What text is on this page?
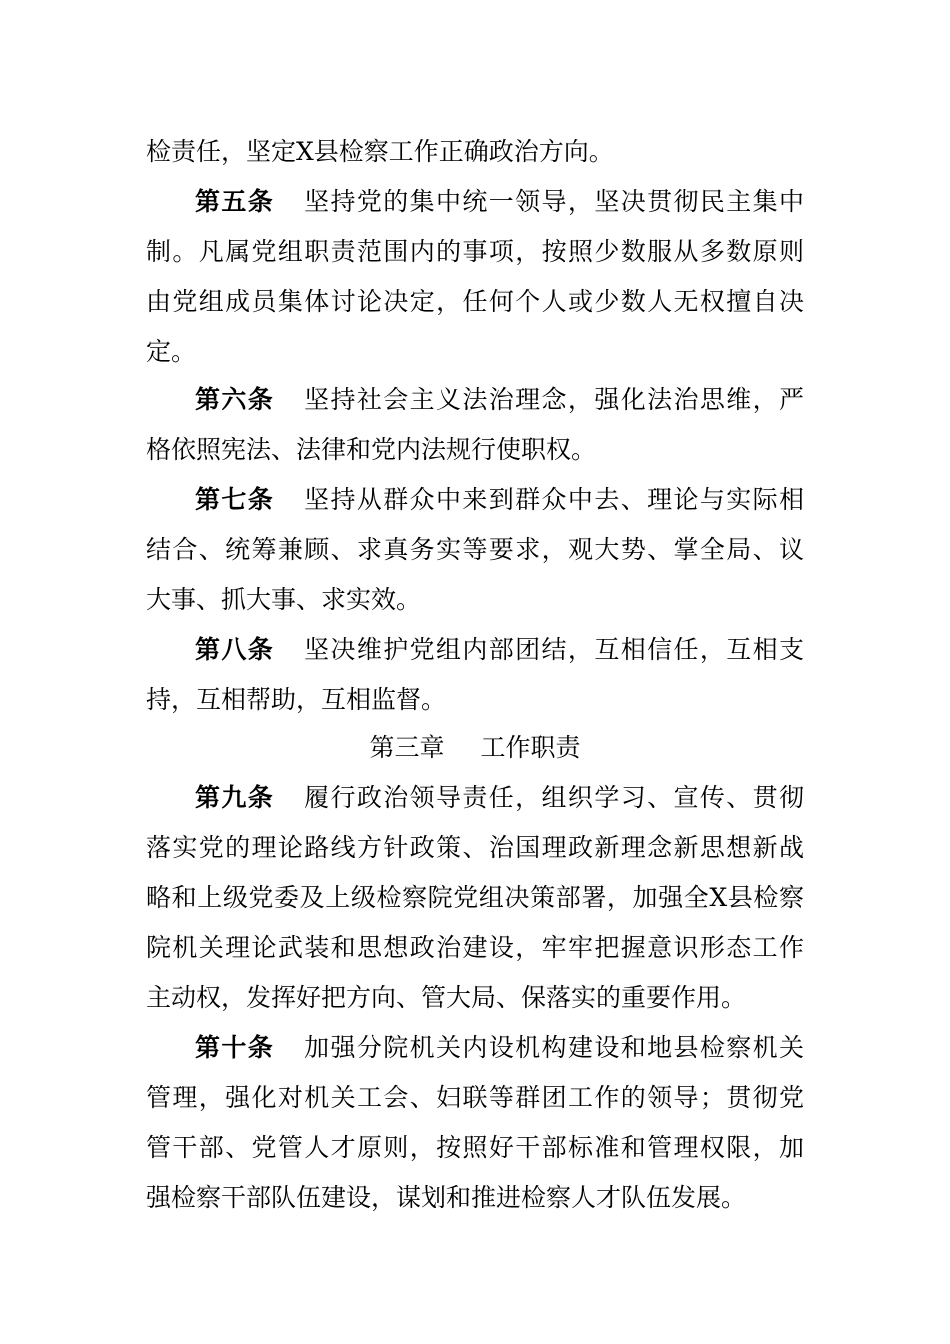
检责任，坚定X县检察工作正确政治方向。
第五条 坚持党的集中统一领导，坚决贯彻民主集中
制。凡属党组职责范围内的事项，按照少数服从多数原则
由党组成员集体讨论决定，任何个人或少数人无权擅自决
定。
第六条 坚持社会主义法治理念，强化法治思维，严
格依照宪法、法律和党内法规行使职权。
第七条 坚持从群众中来到群众中去、理论与实际相
结合、统筹兼顾、求真务实等要求，观大势、掌全局、议
大事、抓大事、求实效。
第八条 坚决维护党组内部团结，互相信任，互相支
持，互相帮助，互相监督。
第三章 工作职责
第九条 履行政治领导责任，组织学习、宣传、贯彻
落实党的理论路线方针政策、治国理政新理念新思想新战
略和上级党委及上级检察院党组决策部署，加强全X县检察
院机关理论武装和思想政治建设，牢牢把握意识形态工作
主动权，发挥好把方向、管大局、保落实的重要作用。
第十条 加强分院机关内设机构建设和地县检察机关
管理，强化对机关工会、妇联等群团工作的领导；贯彻党
管干部、党管人才原则，按照好干部标准和管理权限，加
强检察干部队伍建设，谋划和推进检察人才队伍发展。
